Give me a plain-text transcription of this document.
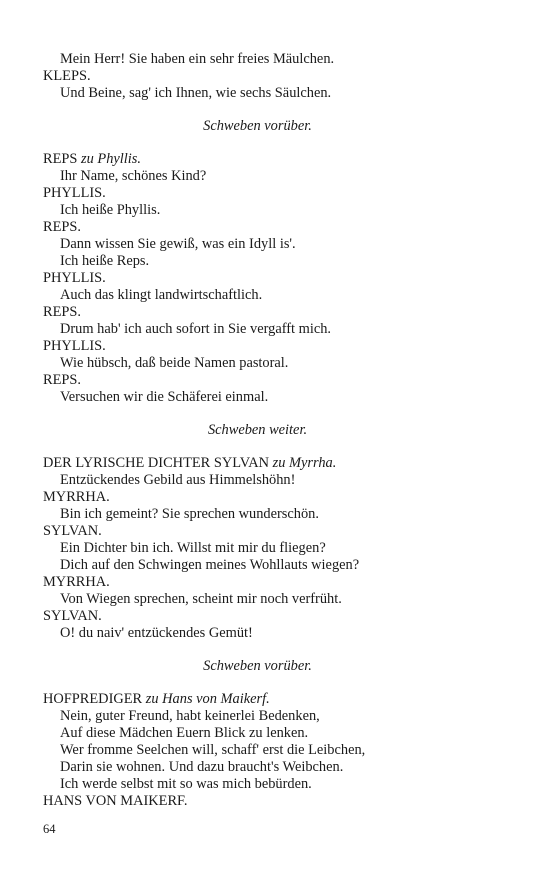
Mein Herr! Sie haben ein sehr freies Mäulchen.
KLEPS.
Und Beine, sag' ich Ihnen, wie sechs Säulchen.
Schweben vorüber.
REPS zu Phyllis.
Ihr Name, schönes Kind?
PHYLLIS.
Ich heiße Phyllis.
REPS.
Dann wissen Sie gewiß, was ein Idyll is'.
Ich heiße Reps.
PHYLLIS.
Auch das klingt landwirtschaftlich.
REPS.
Drum hab' ich auch sofort in Sie vergafft mich.
PHYLLIS.
Wie hübsch, daß beide Namen pastoral.
REPS.
Versuchen wir die Schäferei einmal.
Schweben weiter.
DER LYRISCHE DICHTER SYLVAN zu Myrrha.
Entzückendes Gebild aus Himmelshöhn!
MYRRHA.
Bin ich gemeint? Sie sprechen wunderschön.
SYLVAN.
Ein Dichter bin ich. Willst mit mir du fliegen?
Dich auf den Schwingen meines Wohllauts wiegen?
MYRRHA.
Von Wiegen sprechen, scheint mir noch verfrüht.
SYLVAN.
O! du naiv' entzückendes Gemüt!
Schweben vorüber.
HOFPREDIGER zu Hans von Maikerf.
Nein, guter Freund, habt keinerlei Bedenken,
Auf diese Mädchen Euern Blick zu lenken.
Wer fromme Seelchen will, schaff' erst die Leibchen,
Darin sie wohnen. Und dazu braucht's Weibchen.
Ich werde selbst mit so was mich bebürden.
HANS VON MAIKERF.
64
